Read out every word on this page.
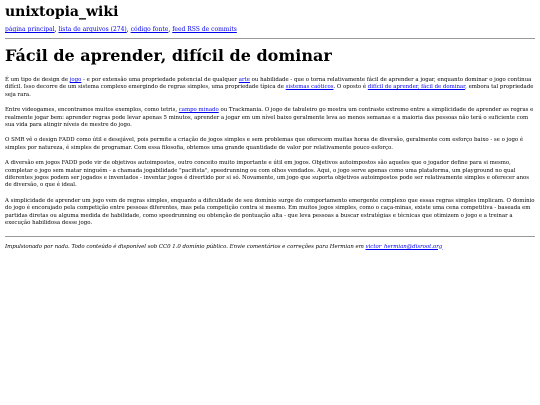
unixtopia_wiki
página principal, lista de arquivos (274), código fonte, feed RSS de commits
Fácil de aprender, difícil de dominar

É um tipo de design de jogo - e por extensão uma propriedade potencial de qualquer arte ou habilidade - que o torna relativamente fácil de aprender a jogar, enquanto dominar o jogo continua difícil. Isso decorre de um sistema complexo emergindo de regras simples, uma propriedade típica de sistemas caóticos. O oposto é difícil de aprender, fácil de dominar, embora tal propriedade seja rara.

Entre videogames, encontramos muitos exemplos, como tetris, campo minado ou Trackmania. O jogo de tabuleiro go mostra um contraste extremo entre a simplicidade de aprender as regras e realmente jogar bem: aprender regras pode levar apenas 5 minutos, aprender a jogar em um nível baixo geralmente leva ao menos semanas e a maioria das pessoas não terá o suficiente com sua vida para atingir níveis de mestre do jogo.

O SMR vê o design FADD como útil e desejável, pois permite a criação de jogos simples e sem problemas que oferecem muitas horas de diversão, geralmente com esforço baixo - se o jogo é simples por natureza, é simples de programar. Com essa filosofia, obtemos uma grande quantidade de valor por relativamente pouco esforço.

A diversão em jogos FADD pode vir de objetivos autoimpostos, outro conceito muito importante e útil em jogos. Objetivos autoimpostos são aqueles que o jogador define para si mesmo, completar o jogo sem matar ninguém - a chamada jogabilidade "pacifista", speedrunning ou com olhos vendados. Aqui, o jogo serve apenas como uma plataforma, um playground no qual diferentes jogos podem ser jogados e inventados - inventar jogos é divertido por si só. Novamente, um jogo que suporta objetivos autoimpostos pode ser relativamente simples e oferecer anos de diversão, o que é ideal.

A simplicidade de aprender um jogo vem de regras simples, enquanto a dificuldade de seu domínio surge do comportamento emergente complexo que essas regras simples implicam. O domínio do jogo é encorajado pela competição entre pessoas diferentes, mas pela competição contra si mesmo. Em muitos jogos simples, como o caça-minas, existe uma cena competitiva - baseada em partidas diretas ou alguma medida de habilidade, como speedrunning ou obtenção de pontuação alta - que leva pessoas a buscar estratégias e técnicas que otimizem o jogo e a treinar a execução habilidosa desse jogo.

Impulsionado por nada. Todo conteúdo é disponível sob CC0 1.0 domínio público. Envie comentários e correções para Hermian em victor_hermian@disroot.org
